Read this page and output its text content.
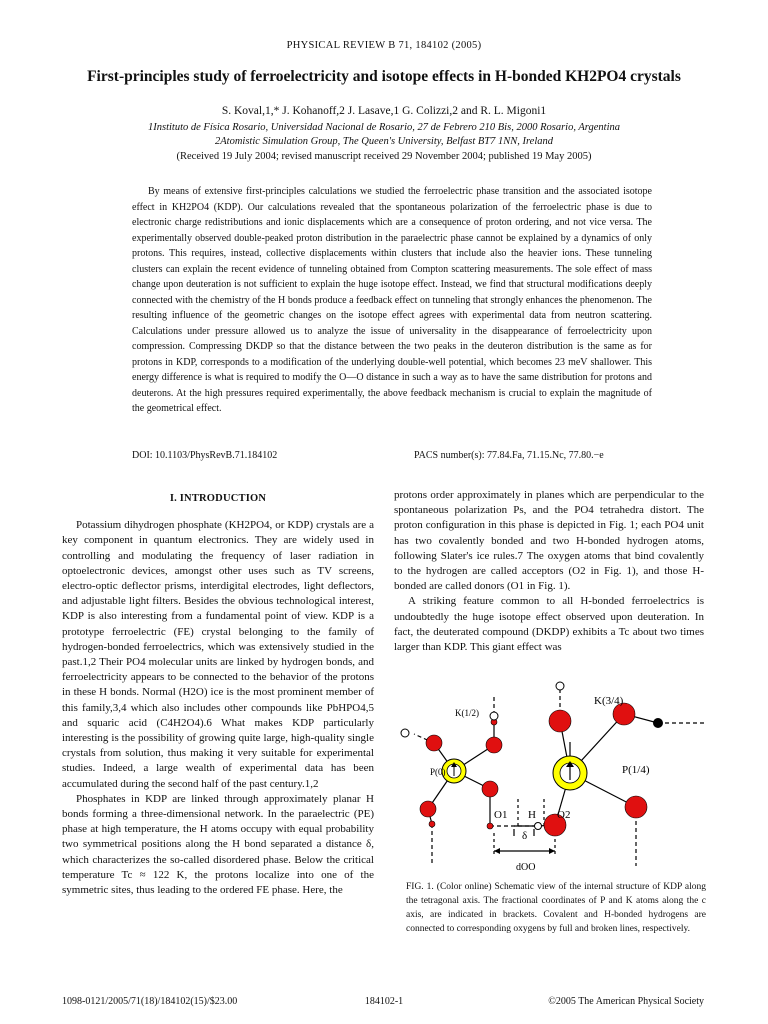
PHYSICAL REVIEW B 71, 184102 (2005)
First-principles study of ferroelectricity and isotope effects in H-bonded KH2PO4 crystals
S. Koval,1,* J. Kohanoff,2 J. Lasave,1 G. Colizzi,2 and R. L. Migoni1
1Instituto de Física Rosario, Universidad Nacional de Rosario, 27 de Febrero 210 Bis, 2000 Rosario, Argentina
2Atomistic Simulation Group, The Queen's University, Belfast BT7 1NN, Ireland
(Received 19 July 2004; revised manuscript received 29 November 2004; published 19 May 2005)
By means of extensive first-principles calculations we studied the ferroelectric phase transition and the associated isotope effect in KH2PO4 (KDP). Our calculations revealed that the spontaneous polarization of the ferroelectric phase is due to electronic charge redistributions and ionic displacements which are a consequence of proton ordering, and not vice versa. The experimentally observed double-peaked proton distribution in the paraelectric phase cannot be explained by a dynamics of only protons. This requires, instead, collective displacements within clusters that include also the heavier ions. These tunneling clusters can explain the recent evidence of tunneling obtained from Compton scattering measurements. The sole effect of mass change upon deuteration is not sufficient to explain the huge isotope effect. Instead, we find that structural modifications deeply connected with the chemistry of the H bonds produce a feedback effect on tunneling that strongly enhances the phenomenon. The resulting influence of the geometric changes on the isotope effect agrees with experimental data from neutron scattering. Calculations under pressure allowed us to analyze the issue of universality in the disappearance of ferroelectricity upon compression. Compressing DKDP so that the distance between the two peaks in the deuteron distribution is the same as for protons in KDP, corresponds to a modification of the underlying double-well potential, which becomes 23 meV shallower. This energy difference is what is required to modify the O—O distance in such a way as to have the same distribution for protons and deuterons. At the high pressures required experimentally, the above feedback mechanism is crucial to explain the magnitude of the geometrical effect.
DOI: 10.1103/PhysRevB.71.184102	PACS number(s): 77.84.Fa, 71.15.Nc, 77.80.−e
I. INTRODUCTION

Potassium dihydrogen phosphate (KH2PO4, or KDP) crystals are a key component in quantum electronics. They are widely used in controlling and modulating the frequency of laser radiation in optoelectronic devices, amongst other uses such as TV screens, electro-optic deflector prisms, interdigital electrodes, light deflectors, and adjustable light filters. Besides the obvious technological interest, KDP is also interesting from a fundamental point of view. KDP is a prototype ferroelectric (FE) crystal belonging to the family of hydrogen-bonded ferroelectrics, which was extensively studied in the past.1,2 Their PO4 molecular units are linked by hydrogen bonds, and ferroelectricity appears to be connected to the behavior of the protons in these H bonds. Normal (H2O) ice is the most prominent member of this family,3,4 which also includes other compounds like PbHPO4,5 and squaric acid (C4H2O4).6 What makes KDP particularly interesting is the possibility of growing quite large, high-quality single crystals from solution, thus making it very suitable for experimental studies. Indeed, a large wealth of experimental data has been accumulated during the second half of the past century.1,2

Phosphates in KDP are linked through approximately planar H bonds forming a three-dimensional network. In the paraelectric (PE) phase at high temperature, the H atoms occupy with equal probability two symmetrical positions along the H bond separated a distance δ, which characterizes the so-called disordered phase. Below the critical temperature Tc ≈ 122 K, the protons localize into one of the symmetric sites, thus leading to the ordered FE phase. Here, the

protons order approximately in planes which are perpendicular to the spontaneous polarization Ps, and the PO4 tetrahedra distort. The proton configuration in this phase is depicted in Fig. 1; each PO4 unit has two covalently bonded and two H-bonded hydrogen atoms, following Slater's ice rules.7 The oxygen atoms that bind covalently to the hydrogen are called acceptors (O2 in Fig. 1), and those H-bonded are called donors (O1 in Fig. 1).

A striking feature common to all H-bonded ferroelectrics is undoubtedly the huge isotope effect observed upon deuteration. In fact, the deuterated compound (DKDP) exhibits a Tc about two times larger than KDP. This giant effect was

K(1/2)
K(3/4)
P(0)	P(1/4)
O1 H O2
δ
dOO
FIG. 1. (Color online) Schematic view of the internal structure of KDP along the tetragonal axis. The fractional coordinates of P and K atoms along the c axis, are indicated in brackets. Covalent and H-bonded hydrogens are connected to corresponding oxygens by full and broken lines, respectively.
1098-0121/2005/71(18)/184102(15)/$23.00	184102-1	©2005 The American Physical Society
